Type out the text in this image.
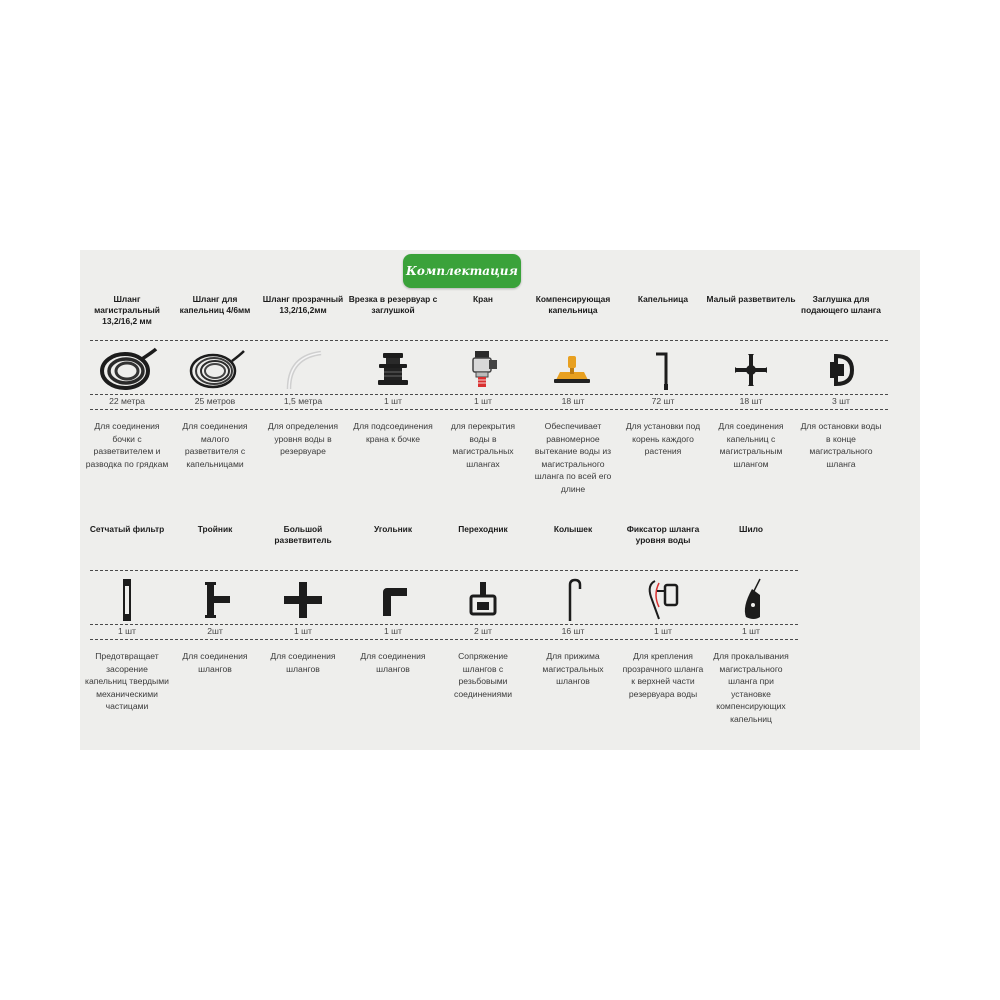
Комплектация
Шланг магистральный 13,2/16,2 мм
22 метра
Для соединения бочки с разветвителем и разводка по грядкам
Шланг для капельниц 4/6мм
25 метров
Для соединения малого разветвителя с капельницами
Шланг прозрачный 13,2/16,2мм
1,5 метра
Для определения уровня воды в резервуаре
Врезка в резервуар с заглушкой
1 шт
Для подсоединения крана к бочке
Кран
1 шт
для перекрытия воды в магистральных шлангах
Компенсирующая капельница
18 шт
Обеспечивает равномерное вытекание воды из магистрального шланга по всей его длине
Капельница
72 шт
Для установки под корень каждого растения
Малый разветвитель
18 шт
Для соединения капельниц с магистральным шлангом
Заглушка для подающего шланга
3 шт
Для остановки воды в конце магистрального шланга
Сетчатый фильтр
1 шт
Предотвращает засорение капельниц твердыми механическими частицами
Тройник
2шт
Для соединения шлангов
Большой разветвитель
1 шт
Для соединения шлангов
Угольник
1 шт
Для соединения шлангов
Переходник
2 шт
Сопряжение шлангов с резьбовыми соединениями
Колышек
16 шт
Для прижима магистральных шлангов
Фиксатор шланга уровня воды
1 шт
Для крепления прозрачного шланга к верхней части резервуара воды
Шило
1 шт
Для прокалывания магистрального шланга при установке компенсирующих капельниц
